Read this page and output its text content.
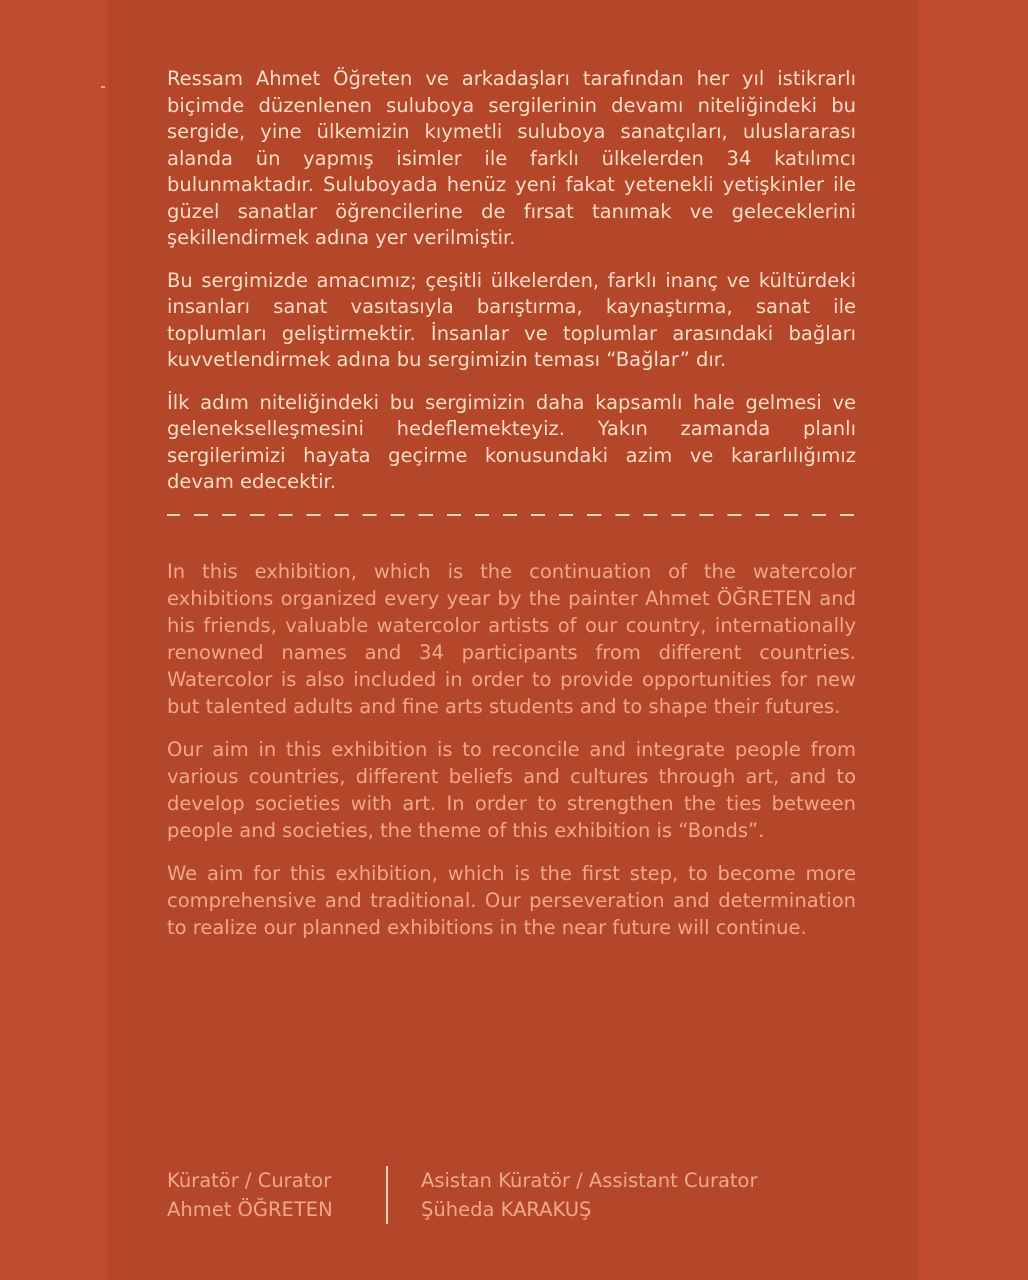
Ressam Ahmet Öğreten ve arkadaşları tarafından her yıl istikrarlı biçimde düzenlenen suluboya sergilerinin devamı niteliğindeki bu sergide, yine ülkemizin kıymetli suluboya sanatçıları, uluslararası alanda ün yapmış isimler ile farklı ülkelerden 34 katılımcı bulunmaktadır. Suluboyada henüz yeni fakat yetenekli yetişkinler ile güzel sanatlar öğrencilerine de fırsat tanımak ve geleceklerini şekillendirmek adına yer verilmiştir.

Bu sergimizde amacımız; çeşitli ülkelerden, farklı inanç ve kültürdeki insanları sanat vasıtasıyla barıştırma, kaynaştırma, sanat ile toplumları geliştirmektir. İnsanlar ve toplumlar arasındaki bağları kuvvetlendirmek adına bu sergimizin teması “Bağlar” dır.

İlk adım niteliğindeki bu sergimizin daha kapsamlı hale gelmesi ve gelenekselleşmesini hedeflemekteyiz. Yakın zamanda planlı sergilerimizi hayata geçirme konusundaki azim ve kararlılığımız devam edecektir.

In this exhibition, which is the continuation of the watercolor exhibitions organized every year by the painter Ahmet ÖĞRETEN and his friends, valuable watercolor artists of our country, internationally renowned names and 34 participants from different countries. Watercolor is also included in order to provide opportunities for new but talented adults and fine arts students and to shape their futures.

Our aim in this exhibition is to reconcile and integrate people from various countries, different beliefs and cultures through art, and to develop societies with art. In order to strengthen the ties between people and societies, the theme of this exhibition is “Bonds”.

We aim for this exhibition, which is the first step, to become more comprehensive and traditional. Our perseveration and determination to realize our planned exhibitions in the near future will continue.

Küratör / Curator
Ahmet ÖĞRETEN
Asistan Küratör / Assistant Curator
Şüheda KARAKUŞ
